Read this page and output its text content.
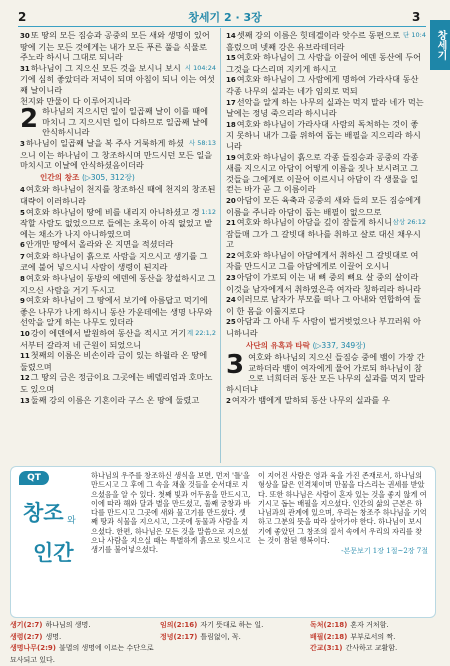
2	창세기 2 · 3장	3
창세기

30또 땅의 모든 짐승과 공중의 모든 새와 생명이 있어 땅에 기는 모든 것에게는 내가 모든 푸른 풀을 식물로 주노라 하시니 그대로 되니라

시 104:24
31하나님이 그 지으신 모든 것을 보시니 보시기에 심히 좋았더라 저녁이 되며 아침이 되니 이는 여섯째 날이니라

천지와 만물이 다 이루어지니라

2 하나님의 지으시던 일이 일곱째 날이 이를 때에 마치니 그 지으시던 일이 다하므로 일곱째 날에 안식하시니라

사 58:13
3하나님이 일곱째 날을 복 주사 거룩하게 하셨으니 이는 하나님이 그 창조하시며 만드시던 모든 일을 마치시고 이날에 안식하셨음이더라

인간의 창조 (▷305, 312장)

4여호와 하나님이 천지를 창조하신 때에 천지의 창조된 대략이 이러하니라

1:12
5여호와 하나님이 땅에 비를 내리지 아니하셨고 경작할 사람도 없었으므로 들에는 초목이 아직 없었고 밭에는 채소가 나지 아니하였으며

6안개만 땅에서 올라와 온 지면을 적셨더라

7여호와 하나님이 흙으로 사람을 지으시고 생기를 그 코에 불어 넣으시니 사람이 생령이 된지라

8여호와 하나님이 동방의 에덴에 동산을 창설하시고 그 지으신 사람을 거기 두시고

9여호와 하나님이 그 땅에서 보기에 아름답고 먹기에 좋은 나무가 나게 하시니 동산 가운데에는 생명 나무와 선악을 알게 하는 나무도 있더라

계 22:1,2
10강이 에덴에서 발원하여 동산을 적시고 거기서부터 갈라져 네 근원이 되었으니

11첫째의 이름은 비손이라 금이 있는 하윌라 온 땅에 둘렸으며

12그 땅의 금은 정금이요 그곳에는 베델리엄과 호마노도 있으며

13둘째 강의 이름은 기혼이라 구스 온 땅에 둘렸고

단 10:4
14셋째 강의 이름은 힛데겔이라 앗수르 동편으로 흘렀으며 넷째 강은 유브라데더라

15여호와 하나님이 그 사람을 이끌어 에덴 동산에 두어 그것을 다스리며 지키게 하시고

16여호와 하나님이 그 사람에게 명하여 가라사대 동산 각종 나무의 실과는 네가 임의로 먹되

17선악을 알게 하는 나무의 실과는 먹지 말라 네가 먹는 날에는 정녕 죽으리라 하시니라

18여호와 하나님이 가라사대 사람의 독처하는 것이 좋지 못하니 내가 그를 위하여 돕는 배필을 지으리라 하시니라

19여호와 하나님이 흙으로 각종 들짐승과 공중의 각종 새를 지으시고 아담이 어떻게 이름을 짓나 보시려고 그것들을 그에게로 이끌어 이르시니 아담이 각 생물을 일컫는 바가 곧 그 이름이라

20아담이 모든 육축과 공중의 새와 들의 모든 짐승에게 이름을 주니라 아담이 돕는 배필이 없으므로

삼상 26:12
21여호와 하나님이 아담을 깊이 잠들게 하시니 잠들매 그가 그 갈빗대 하나를 취하고 살로 대신 채우시고

22여호와 하나님이 아담에게서 취하신 그 갈빗대로 여자를 만드시고 그를 아담에게로 이끌어 오시니

23아담이 가로되 이는 내 뼈 중의 뼈요 살 중의 살이라 이것을 남자에게서 취하였은즉 여자라 칭하리라 하니라

24이러므로 남자가 부모를 떠나 그 아내와 연합하여 둘이 한 몸을 이룰지로다

25아담과 그 아내 두 사람이 벌거벗었으나 부끄러워 아니하니라

사단의 유혹과 타락 (▷337, 349장)

3 여호와 하나님의 지으신 들짐승 중에 뱀이 가장 간교하더라 뱀이 여자에게 물어 가로되 하나님이 참으로 너희더러 동산 모든 나무의 실과를 먹지 말라 하시더냐

2여자가 뱀에게 말하되 동산 나무의 실과를 우

QT
창조 와
인간
하나님의 우주를 창조하신 생식을 보면, 먼저 '틀'을 만드시고 그 후에 그 속을 채울 것들을 순서대로 지으셨음을 알 수 있다. 첫째 빛과 어두움을 만드시고, 이에 따라 해와 달과 별을 만드셨고, 둘째 궁창과 바다를 만드시고 그곳에 새와 물고기를 만드셨다. 셋째 땅과 식물을 지으시고, 그곳에 동물과 사람을 지으셨다. 한편, 하나님은 모든 것을 말씀으로 지으셨으나 사람을 지으실 때는 특별하게 흙으로 빚으시고 생기를 불어넣으셨다.
이 지어진 사람은 영과 육을 가진 존재로서, 하나님의 형상을 닮은 인격체이며 만물을 다스리는 권세를 받았다. 또한 하나님은 사람이 혼자 있는 것을 좋지 않게 여기시고 돕는 배필을 지으셨다. 인간의 삶의 근본은 하나님과의 관계에 있으며, 우리는 창조주 하나님을 기억하고 그분의 뜻을 따라 살아가야 한다. 하나님이 보시기에 좋았던 그 창조의 질서 속에서 우리의 자리를 찾는 것이 참된 행복이다.
-본문보기 1장 1절~2장 7절
생기(2:7) 하나님의 생명.
생령(2:7) 생명.
생명나무(2:9) 불멸의 생명에 이르는 수단으로 묘사되고 있다.
임의(2:16) 자기 뜻대로 하는 일.
정녕(2:17) 틀림없이, 꼭.
독처(2:18) 혼자 거처함.
배필(2:18) 부부로서의 짝.
간교(3:1) 간사하고 교활함.
